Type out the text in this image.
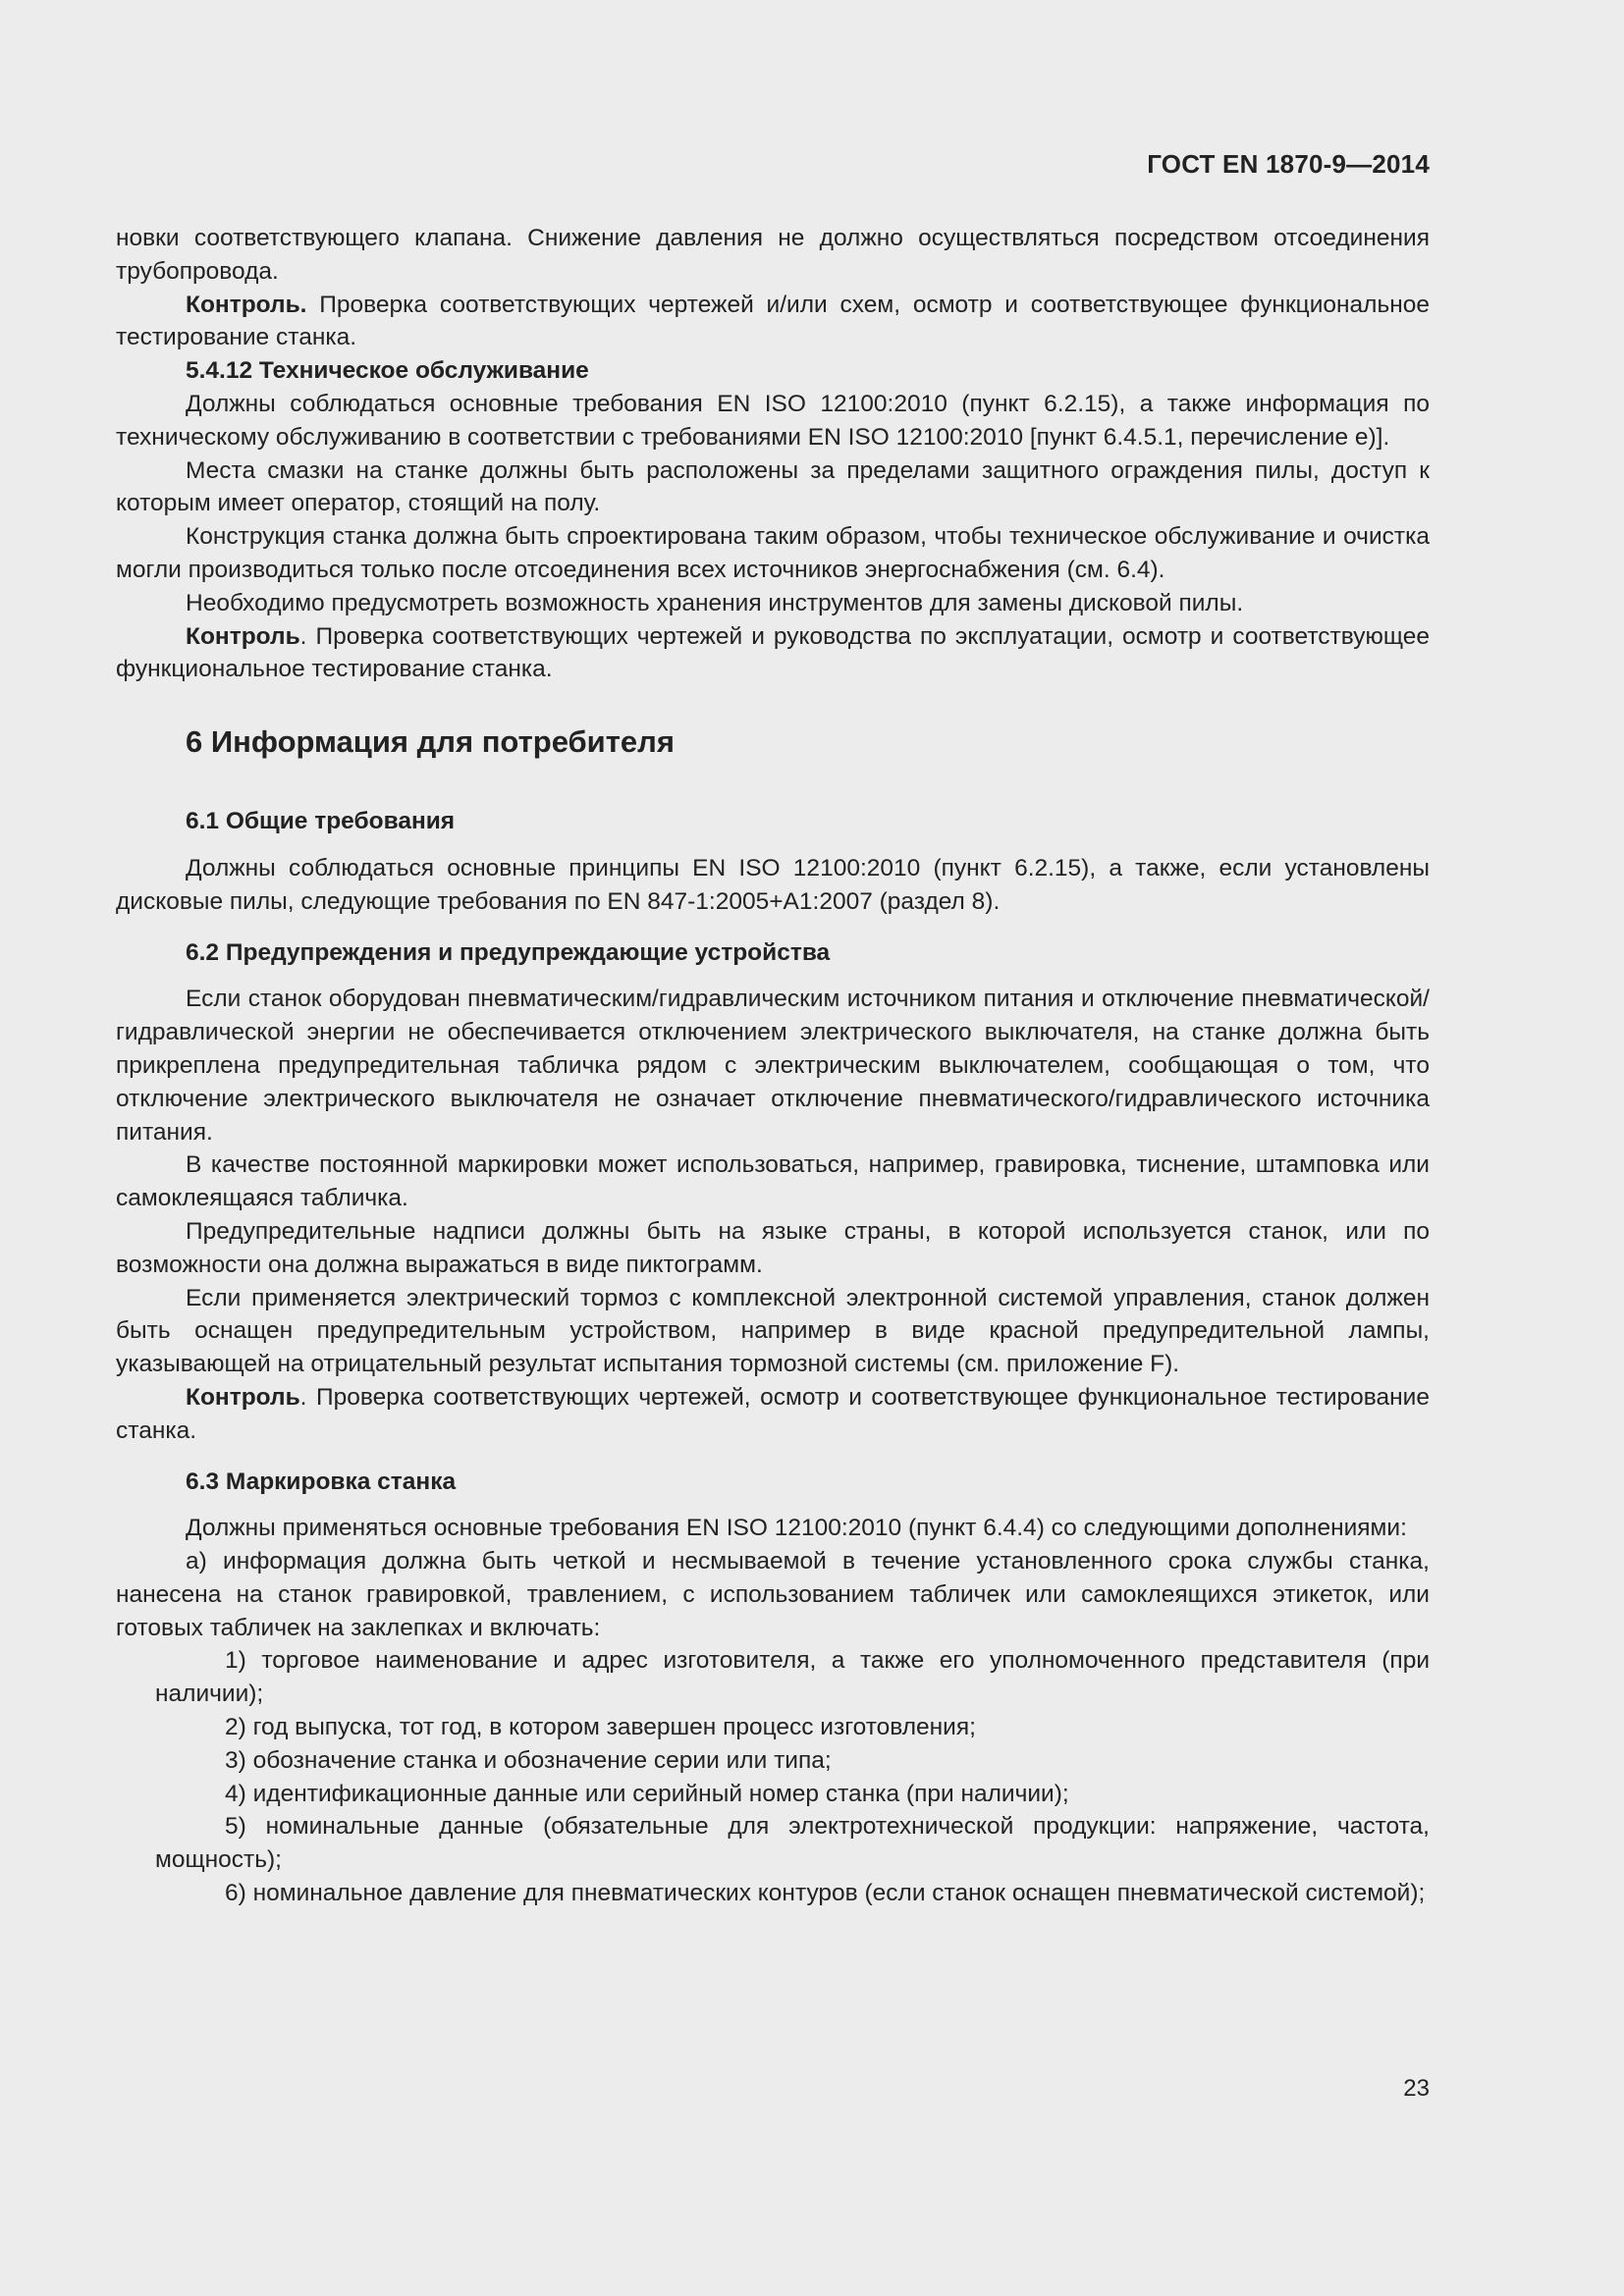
ГОСТ EN 1870-9—2014

новки соответствующего клапана. Снижение давления не должно осуществляться посредством отсоединения трубопровода.

Контроль. Проверка соответствующих чертежей и/или схем, осмотр и соответствующее функциональное тестирование станка.

5.4.12 Техническое обслуживание

Должны соблюдаться основные требования EN ISO 12100:2010 (пункт 6.2.15), а также информация по техническому обслуживанию в соответствии с требованиями EN ISO 12100:2010 [пункт 6.4.5.1, перечисление е)].

Места смазки на станке должны быть расположены за пределами защитного ограждения пилы, доступ к которым имеет оператор, стоящий на полу.

Конструкция станка должна быть спроектирована таким образом, чтобы техническое обслуживание и очистка могли производиться только после отсоединения всех источников энергоснабжения (см. 6.4).

Необходимо предусмотреть возможность хранения инструментов для замены дисковой пилы.

Контроль. Проверка соответствующих чертежей и руководства по эксплуатации, осмотр и соответствующее функциональное тестирование станка.

6 Информация для потребителя
6.1 Общие требования

Должны соблюдаться основные принципы EN ISO 12100:2010 (пункт 6.2.15), а также, если установлены дисковые пилы, следующие требования по EN 847-1:2005+A1:2007 (раздел 8).

6.2 Предупреждения и предупреждающие устройства

Если станок оборудован пневматическим/гидравлическим источником питания и отключение пневматической/гидравлической энергии не обеспечивается отключением электрического выключателя, на станке должна быть прикреплена предупредительная табличка рядом с электрическим выключателем, сообщающая о том, что отключение электрического выключателя не означает отключение пневматического/гидравлического источника питания.

В качестве постоянной маркировки может использоваться, например, гравировка, тиснение, штамповка или самоклеящаяся табличка.

Предупредительные надписи должны быть на языке страны, в которой используется станок, или по возможности она должна выражаться в виде пиктограмм.

Если применяется электрический тормоз с комплексной электронной системой управления, станок должен быть оснащен предупредительным устройством, например в виде красной предупредительной лампы, указывающей на отрицательный результат испытания тормозной системы (см. приложение F).

Контроль. Проверка соответствующих чертежей, осмотр и соответствующее функциональное тестирование станка.

6.3 Маркировка станка

Должны применяться основные требования EN ISO 12100:2010 (пункт 6.4.4) со следующими дополнениями:

а) информация должна быть четкой и несмываемой в течение установленного срока службы станка, нанесена на станок гравировкой, травлением, с использованием табличек или самоклеящихся этикеток, или готовых табличек на заклепках и включать:

1) торговое наименование и адрес изготовителя, а также его уполномоченного представителя (при наличии);

2) год выпуска, тот год, в котором завершен процесс изготовления;

3) обозначение станка и обозначение серии или типа;

4) идентификационные данные или серийный номер станка (при наличии);

5) номинальные данные (обязательные для электротехнической продукции: напряжение, частота, мощность);

6) номинальное давление для пневматических контуров (если станок оснащен пневматической системой);

23
